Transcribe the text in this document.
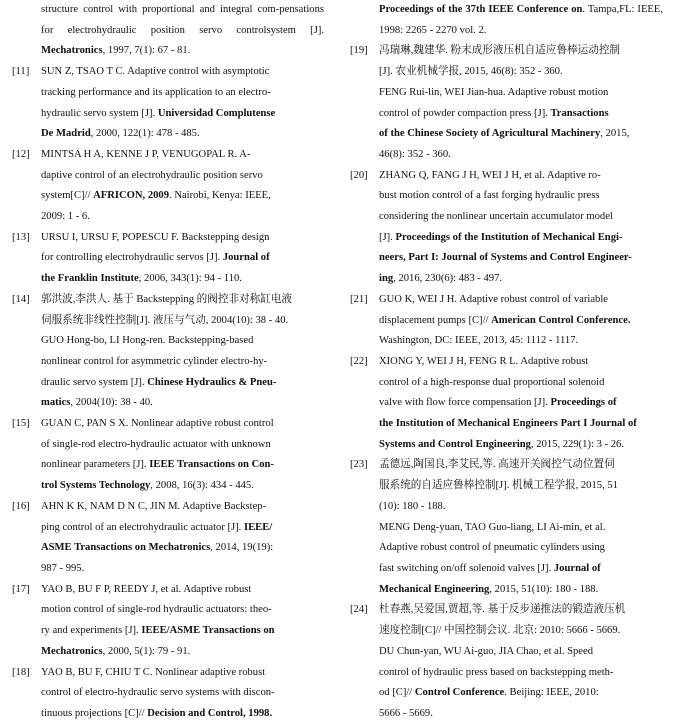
structure control with proportional and integral com-pensations for electrohydraulic position servo controlsystem [J]. Mechatronics, 1997, 7(1): 67 - 81.
[11] SUN Z, TSAO T C. Adaptive control with asymptotic
tracking performance and its application to an electro-
hydraulic servo system [J]. Universidad Complutense
De Madrid, 2000, 122(1): 478 - 485.
[12] MINTSA H A, KENNE J P, VENUGOPAL R. A-
daptive control of an electrohydraulic position servo
system[C]// AFRICON, 2009. Nairobi, Kenya: IEEE,
2009: 1 - 6.
[13] URSU I, URSU F, POPESCU F. Backstepping design
for controlling electrohydraulic servos [J]. Journal of
the Franklin Institute, 2006, 343(1): 94 - 110.
[14] 郭洪波,李洪人. 基于 Backstepping 的阀控非对称缸电液
伺服系统非线性控制[J]. 液压与气动, 2004(10): 38 - 40.
GUO Hong-bo, LI Hong-ren. Backstepping-based
nonlinear control for asymmetric cylinder electro-hy-
draulic servo system [J]. Chinese Hydraulics & Pneu-
matics, 2004(10): 38 - 40.
[15] GUAN C, PAN S X. Nonlinear adaptive robust control
of single-rod electro-hydraulic actuator with unknown
nonlinear parameters [J]. IEEE Transactions on Con-
trol Systems Technology, 2008, 16(3): 434 - 445.
[16] AHN K K, NAM D N C, JIN M. Adaptive Backstep-
ping control of an electrohydraulic actuator [J]. IEEE/
ASME Transactions on Mechatronics, 2014, 19(19):
987 - 995.
[17] YAO B, BU F P, REEDY J, et al. Adaptive robust
motion control of single-rod hydraulic actuators: theo-
ry and experiments [J]. IEEE/ASME Transactions on
Mechatronics, 2000, 5(1): 79 - 91.
[18] YAO B, BU F, CHIU T C. Nonlinear adaptive robust
control of electro-hydraulic servo systems with discon-
tinuous projections [C]// Decision and Control, 1998.
Proceedings of the 37th IEEE Conference on. Tampa,FL: IEEE, 1998: 2265 - 2270 vol. 2.
[19] 冯瑞琳,魏建华. 粉末成形液压机自适应鲁棒运动控制
[J]. 农业机械学报, 2015, 46(8): 352 - 360.
FENG Rui-lin, WEI Jian-hua. Adaptive robust motion
control of powder compaction press [J]. Transactions
of the Chinese Society of Agricultural Machinery, 2015,
46(8): 352 - 360.
[20] ZHANG Q, FANG J H, WEI J H, et al. Adaptive ro-
bust motion control of a fast forging hydraulic press
considering the nonlinear uncertain accumulator model
[J]. Proceedings of the Institution of Mechanical Engi-
neers, Part I: Journal of Systems and Control Engineer-
ing, 2016, 230(6): 483 - 497.
[21] GUO K, WEI J H. Adaptive robust control of variable
displacement pumps [C]// American Control Conference.
Washington, DC: IEEE, 2013, 45: 1112 - 1117.
[22] XIONG Y, WEI J H, FENG R L. Adaptive robust
control of a high-response dual proportional solenoid
valve with flow force compensation [J]. Proceedings of
the Institution of Mechanical Engineers Part I Journal of
Systems and Control Engineering, 2015, 229(1): 3 - 26.
[23] 孟德远,陶国良,李艾民,等. 高速开关阀控气动位置伺
服系统的自适应鲁棒控制[J]. 机械工程学报, 2015, 51
(10): 180 - 188.
MENG Deng-yuan, TAO Guo-liang, LI Ai-min, et al.
Adaptive robust control of pneumatic cylinders using
fast switching on/off solenoid valves [J]. Journal of
Mechanical Engineering, 2015, 51(10): 180 - 188.
[24] 杜春燕,吴爱国,贾超,等. 基于反步递推法的锻造液压机
速度控制[C]// 中国控制会议. 北京: 2010: 5666 - 5669.
DU Chun-yan, WU Ai-guo, JIA Chao, et al. Speed
control of hydraulic press based on backstepping meth-
od [C]// Control Conference. Beijing: IEEE, 2010:
5666 - 5669.
